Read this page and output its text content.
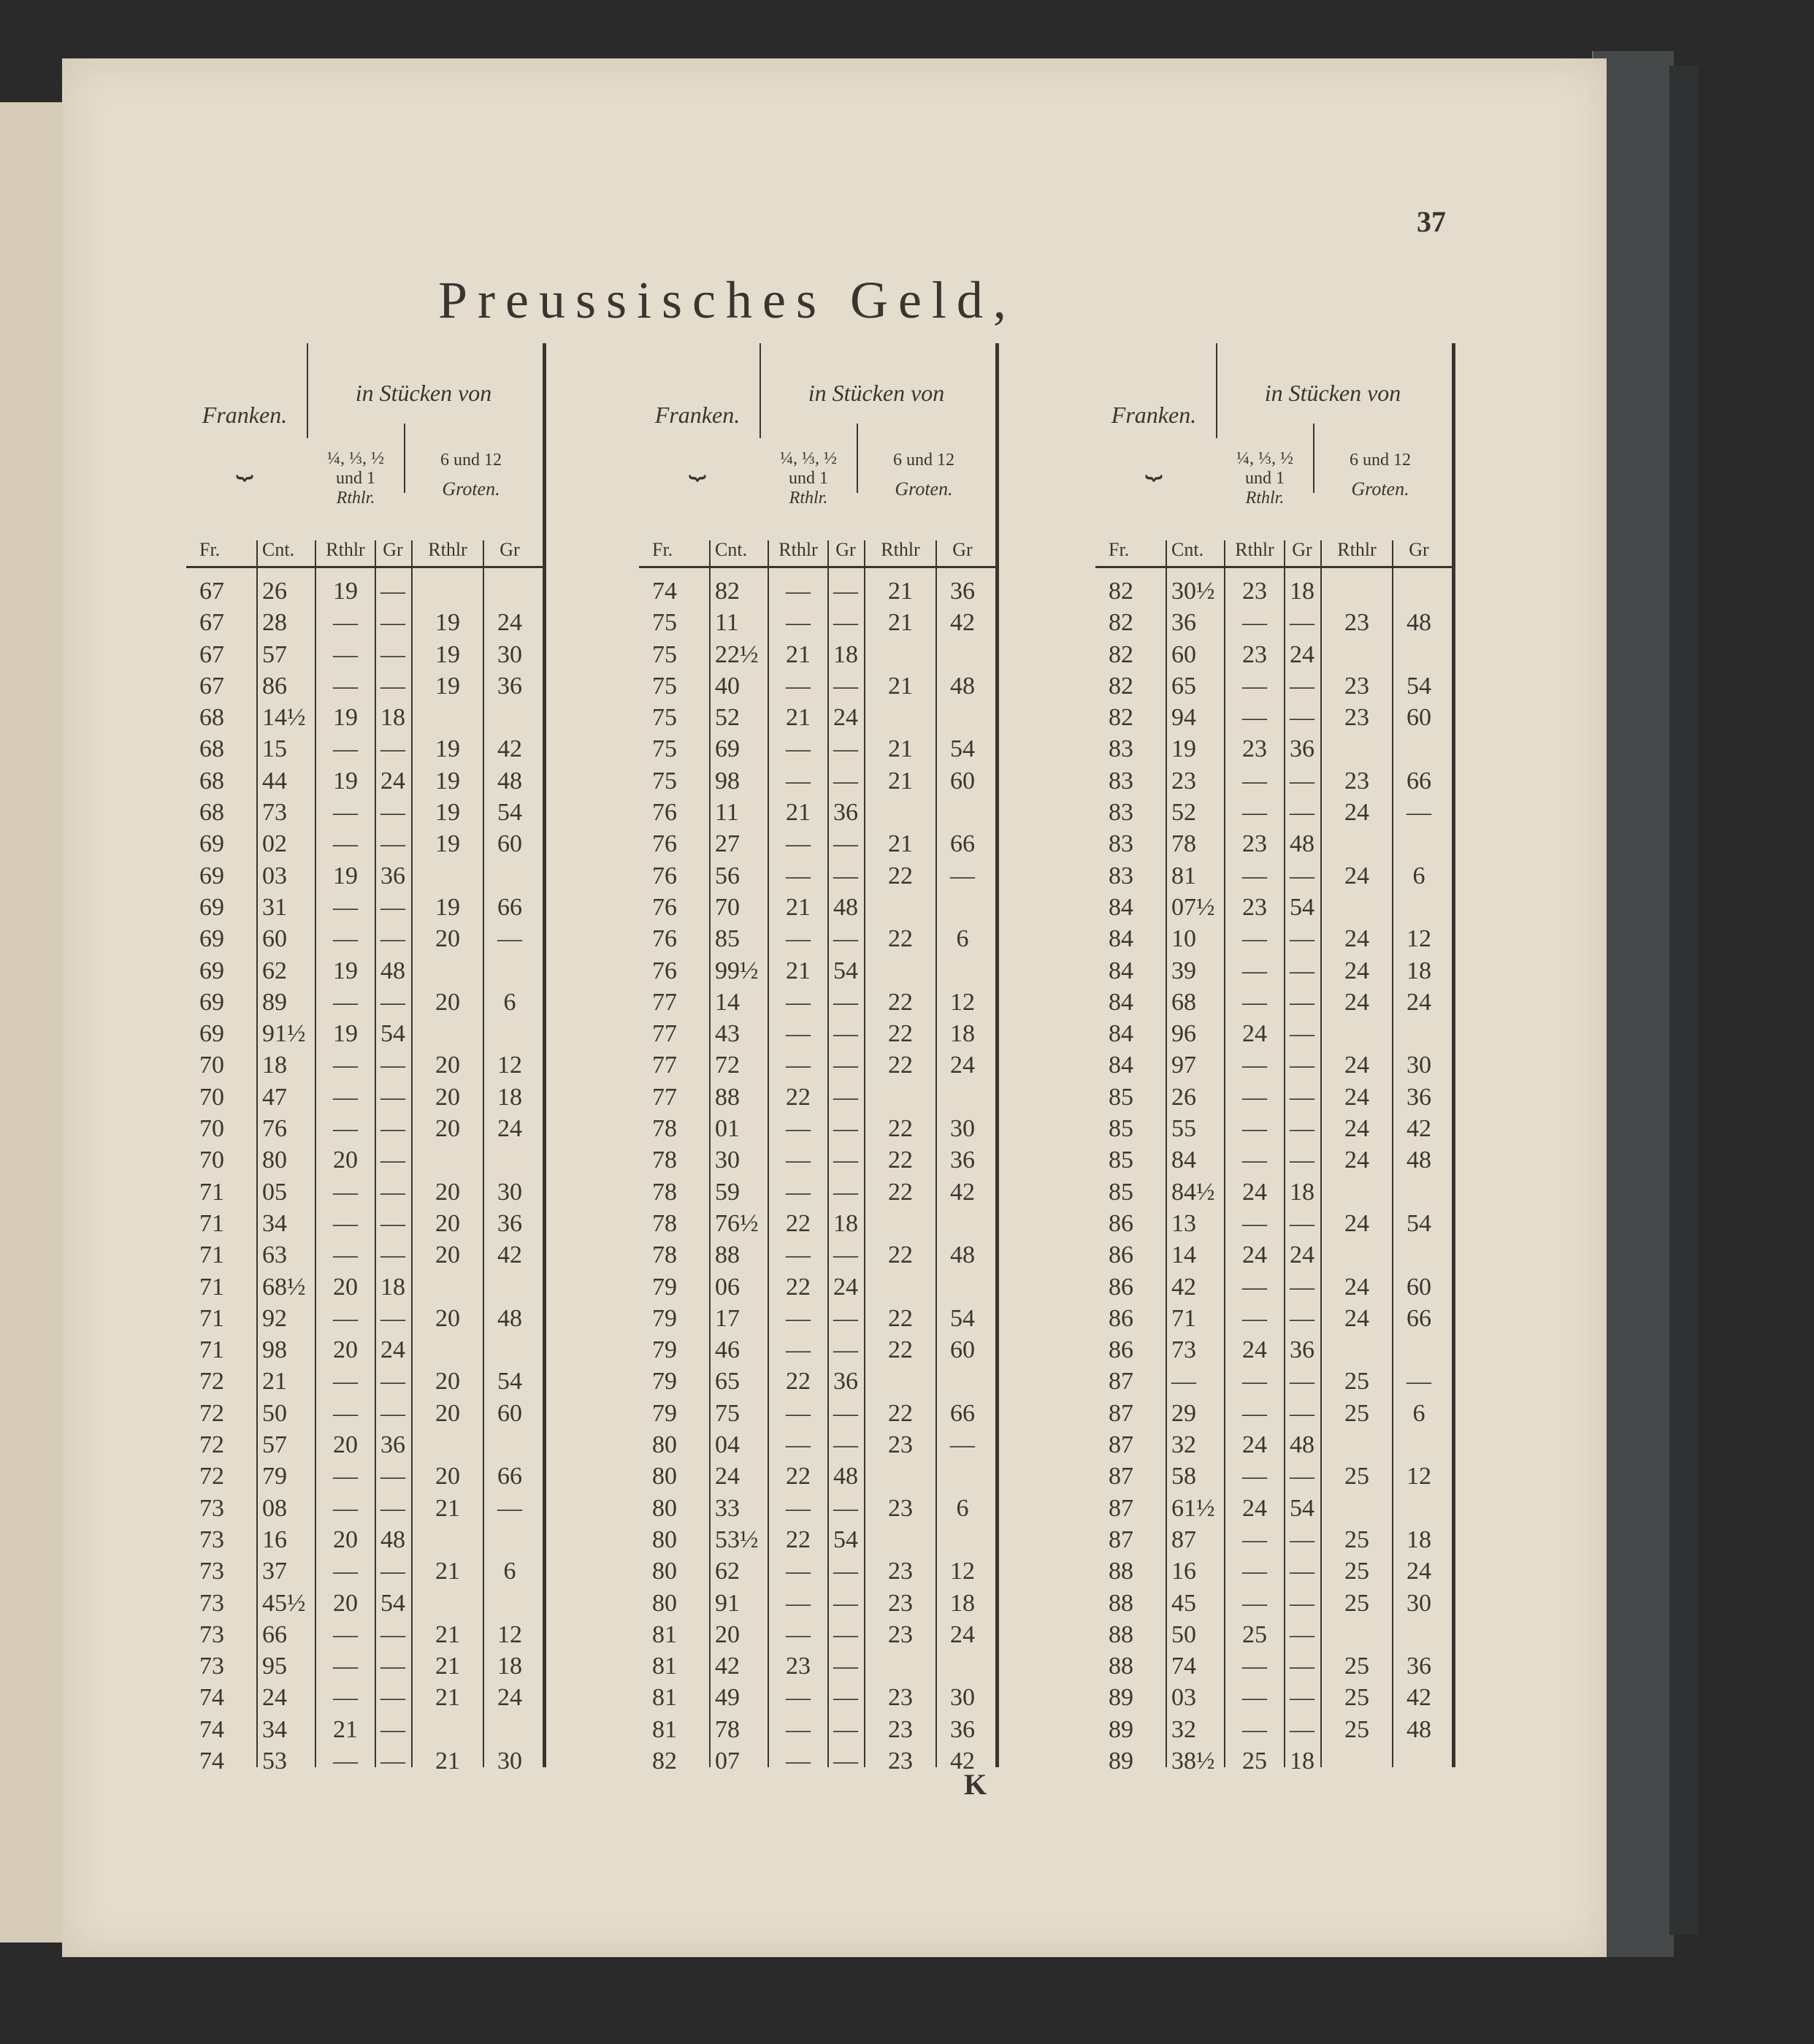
37
Preussisches Geld,
Franken.
⏟
in Stücken von
¼, ⅓, ½
und 1
Rthlr.
6 und 12
Groten.
Fr.	Cnt.	Rthlr Gr	Rthlr	Gr
67	26	19 —
67	28	— —	19	24
67	57	— —	19	30
67	86	— —	19	36
68	14½	19 18
68	15	— —	19	42
68	44	19 24	19	48
68	73	— —	19	54
69	02	— —	19	60
69	03	19 36
69	31	— —	19	66
69	60	— —	20	—
69	62	19 48
69	89	— —	20	6
69	91½	19 54
70	18	— —	20	12
70	47	— —	20	18
70	76	— —	20	24
70	80	20 —
71	05	— —	20	30
71	34	— —	20	36
71	63	— —	20	42
71	68½	20 18
71	92	— —	20	48
71	98	20 24
72	21	— —	20	54
72	50	— —	20	60
72	57	20 36
72	79	— —	20	66
73	08	— —	21	—
73	16	20 48
73	37	— —	21	6
73	45½	20 54
73	66	— —	21	12
73	95	— —	21	18
74	24	— —	21	24
74	34	21 —
74	53	— —	21	30
Franken.
⏟
in Stücken von
¼, ⅓, ½
und 1
Rthlr.
6 und 12
Groten.
Fr.	Cnt.	Rthlr Gr	Rthlr	Gr
74	82	— —	21	36
75	11	— —	21	42
75	22½	21 18
75	40	— —	21	48
75	52	21 24
75	69	— —	21	54
75	98	— —	21	60
76	11	21 36
76	27	— —	21	66
76	56	— —	22	—
76	70	21 48
76	85	— —	22	6
76	99½	21 54
77	14	— —	22	12
77	43	— —	22	18
77	72	— —	22	24
77	88	22 —
78	01	— —	22	30
78	30	— —	22	36
78	59	— —	22	42
78	76½	22 18
78	88	— —	22	48
79	06	22 24
79	17	— —	22	54
79	46	— —	22	60
79	65	22 36
79	75	— —	22	66
80	04	— —	23	—
80	24	22 48
80	33	— —	23	6
80	53½	22 54
80	62	— —	23	12
80	91	— —	23	18
81	20	— —	23	24
81	42	23 —
81	49	— —	23	30
81	78	— —	23	36
82	07	— —	23	42
Franken.
⏟
in Stücken von
¼, ⅓, ½
und 1
Rthlr.
6 und 12
Groten.
Fr.	Cnt.	Rthlr Gr	Rthlr	Gr
82	30½	23 18
82	36	— —	23	48
82	60	23 24
82	65	— —	23	54
82	94	— —	23	60
83	19	23 36
83	23	— —	23	66
83	52	— —	24	—
83	78	23 48
83	81	— —	24	6
84	07½	23 54
84	10	— —	24	12
84	39	— —	24	18
84	68	— —	24	24
84	96	24 —
84	97	— —	24	30
85	26	— —	24	36
85	55	— —	24	42
85	84	— —	24	48
85	84½	24 18
86	13	— —	24	54
86	14	24 24
86	42	— —	24	60
86	71	— —	24	66
86	73	24 36
87	—	— —	25	—
87	29	— —	25	6
87	32	24 48
87	58	— —	25	12
87	61½	24 54
87	87	— —	25	18
88	16	— —	25	24
88	45	— —	25	30
88	50	25 —
88	74	— —	25	36
89	03	— —	25	42
89	32	— —	25	48
89	38½	25 18
K
